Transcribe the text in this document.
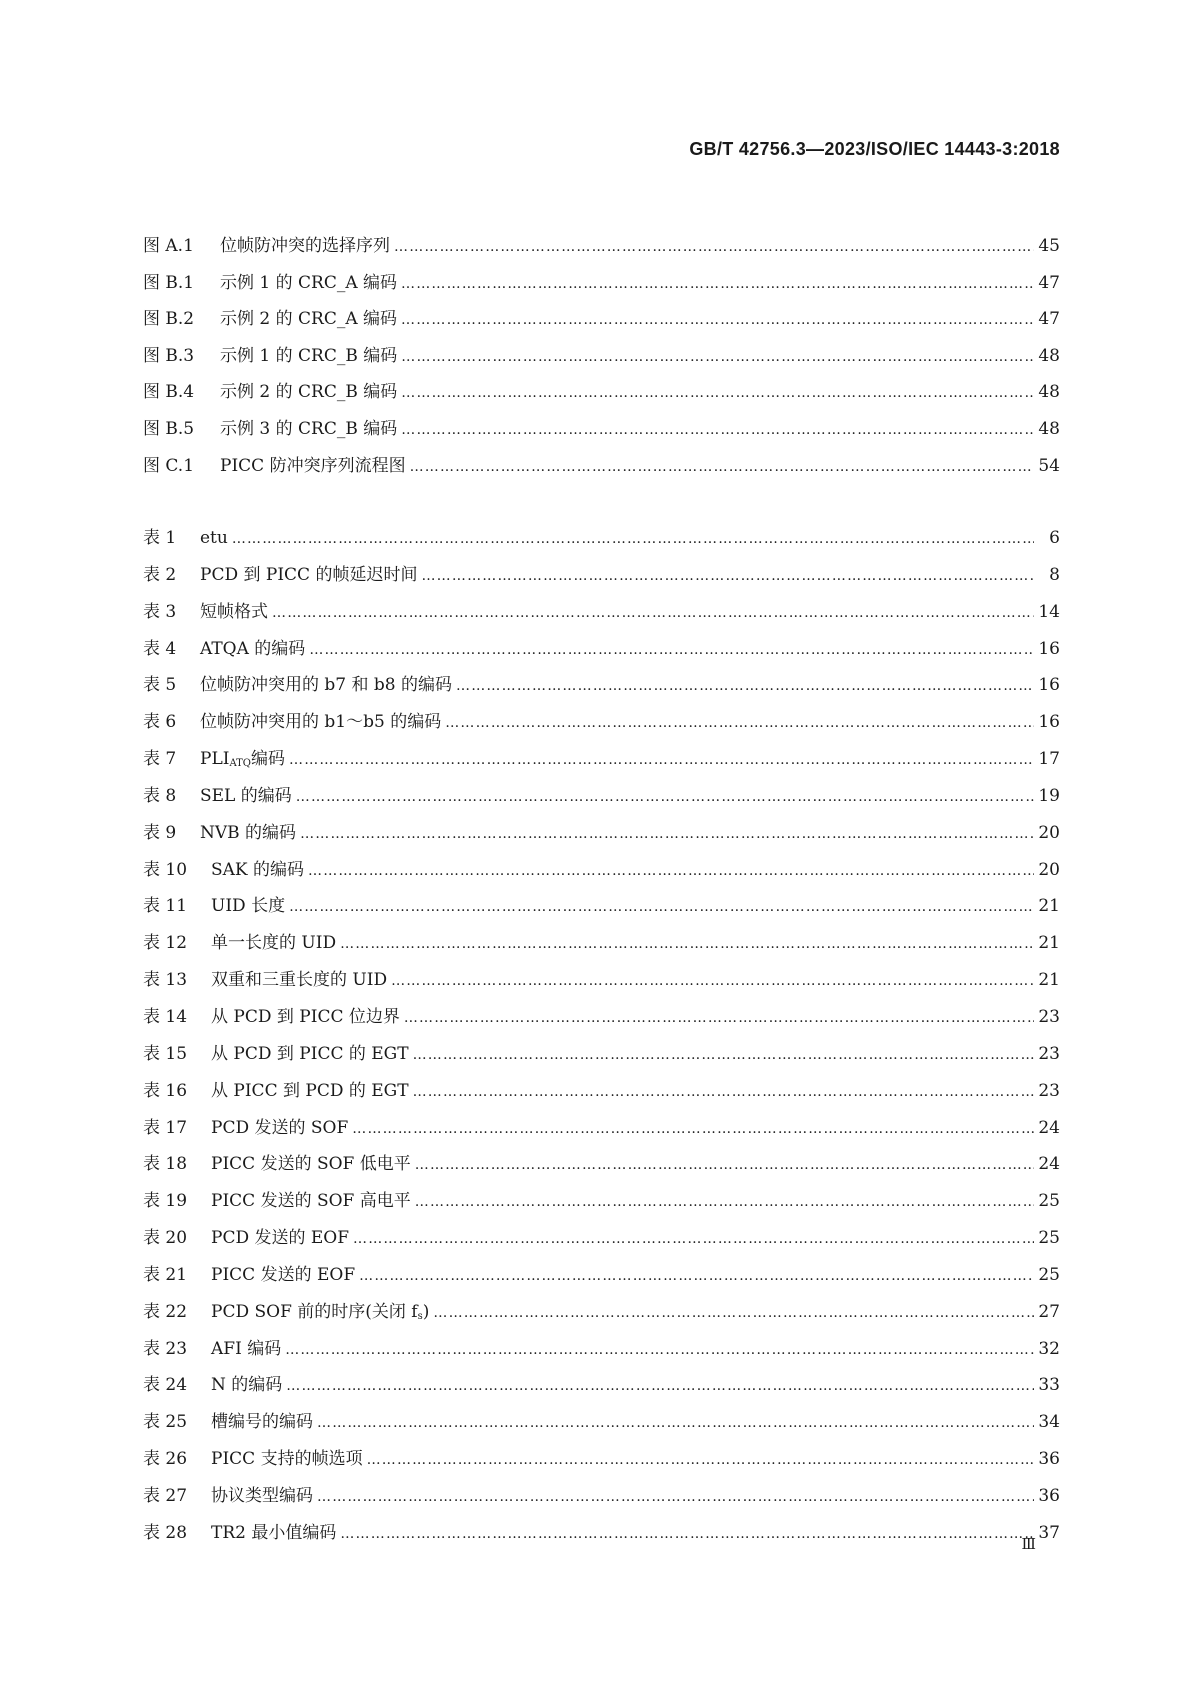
GB/T 42756.3—2023/ISO/IEC 14443-3:2018
图 A.1	位帧防冲突的选择序列 ………………………………………………………………………………………………………………………………………………………………………………………………	45
图 B.1	示例 1 的 CRC_A 编码 ………………………………………………………………………………………………………………………………………………………………………………………………	47
图 B.2	示例 2 的 CRC_A 编码 ………………………………………………………………………………………………………………………………………………………………………………………………	47
图 B.3	示例 1 的 CRC_B 编码 ………………………………………………………………………………………………………………………………………………………………………………………………	48
图 B.4	示例 2 的 CRC_B 编码 ………………………………………………………………………………………………………………………………………………………………………………………………	48
图 B.5	示例 3 的 CRC_B 编码 ………………………………………………………………………………………………………………………………………………………………………………………………	48
图 C.1	PICC 防冲突序列流程图 ………………………………………………………………………………………………………………………………………………………………………………………………	54
表 1	etu ………………………………………………………………………………………………………………………………………………………………………………………………	6
表 2	PCD 到 PICC 的帧延迟时间 ………………………………………………………………………………………………………………………………………………………………………………………………	8
表 3	短帧格式 ………………………………………………………………………………………………………………………………………………………………………………………………	14
表 4	ATQA 的编码 ………………………………………………………………………………………………………………………………………………………………………………………………	16
表 5	位帧防冲突用的 b7 和 b8 的编码 ………………………………………………………………………………………………………………………………………………………………………………………………	16
表 6	位帧防冲突用的 b1～b5 的编码 ………………………………………………………………………………………………………………………………………………………………………………………………	16
表 7	$PLI_{ATQ}$编码 ………………………………………………………………………………………………………………………………………………………………………………………………	17
表 8	SEL 的编码 ………………………………………………………………………………………………………………………………………………………………………………………………	19
表 9	NVB 的编码 ………………………………………………………………………………………………………………………………………………………………………………………………	20
表 10	SAK 的编码 ………………………………………………………………………………………………………………………………………………………………………………………………	20
表 11	UID 长度 ………………………………………………………………………………………………………………………………………………………………………………………………	21
表 12	单一长度的 UID ………………………………………………………………………………………………………………………………………………………………………………………………	21
表 13	双重和三重长度的 UID ………………………………………………………………………………………………………………………………………………………………………………………………	21
表 14	从 PCD 到 PICC 位边界 ………………………………………………………………………………………………………………………………………………………………………………………………	23
表 15	从 PCD 到 PICC 的 EGT ………………………………………………………………………………………………………………………………………………………………………………………………	23
表 16	从 PICC 到 PCD 的 EGT ………………………………………………………………………………………………………………………………………………………………………………………………	23
表 17	PCD 发送的 SOF ………………………………………………………………………………………………………………………………………………………………………………………………	24
表 18	PICC 发送的 SOF 低电平 ………………………………………………………………………………………………………………………………………………………………………………………………	24
表 19	PICC 发送的 SOF 高电平 ………………………………………………………………………………………………………………………………………………………………………………………………	25
表 20	PCD 发送的 EOF ………………………………………………………………………………………………………………………………………………………………………………………………	25
表 21	PICC 发送的 EOF ………………………………………………………………………………………………………………………………………………………………………………………………	25
表 22	PCD SOF 前的时序(关闭 $f_s$) ………………………………………………………………………………………………………………………………………………………………………………………………	27
表 23	AFI 编码 ………………………………………………………………………………………………………………………………………………………………………………………………	32
表 24	N 的编码 ………………………………………………………………………………………………………………………………………………………………………………………………	33
表 25	槽编号的编码 ………………………………………………………………………………………………………………………………………………………………………………………………	34
表 26	PICC 支持的帧选项 ………………………………………………………………………………………………………………………………………………………………………………………………	36
表 27	协议类型编码 ………………………………………………………………………………………………………………………………………………………………………………………………	36
表 28	TR2 最小值编码 ………………………………………………………………………………………………………………………………………………………………………………………………	37
Ⅲ
